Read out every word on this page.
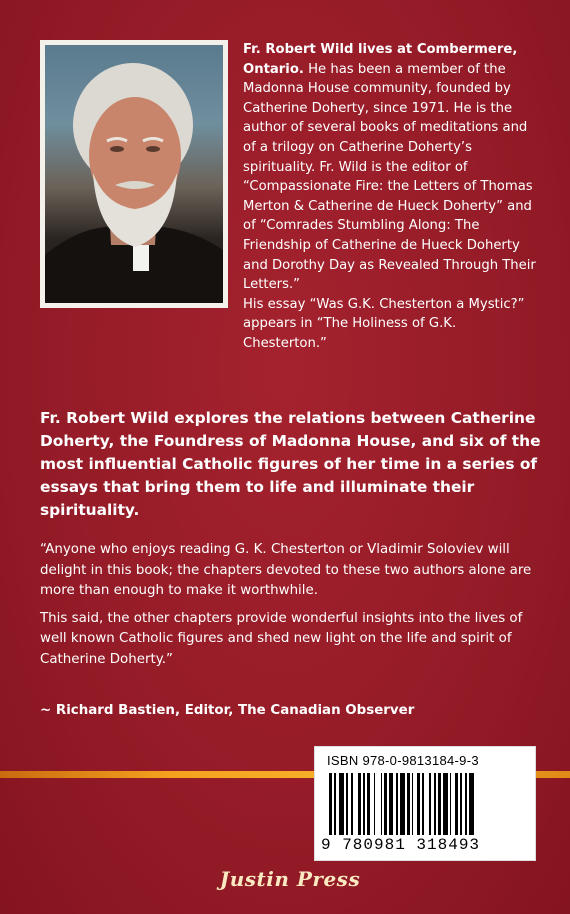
Fr. Robert Wild lives at Combermere, Ontario. He has been a member of the Madonna House community, founded by Catherine Doherty, since 1971. He is the author of several books of meditations and of a trilogy on Catherine Doherty’s spirituality. Fr. Wild is the editor of “Compassionate Fire: the Letters of Thomas Merton & Catherine de Hueck Doherty” and of “Comrades Stumbling Along: The Friendship of Catherine de Hueck Doherty and Dorothy Day as Revealed Through Their Letters.”
His essay “Was G.K. Chesterton a Mystic?” appears in “The Holiness of G.K. Chesterton.”
Fr. Robert Wild explores the relations between Catherine Doherty, the Foundress of Madonna House, and six of the most influential Catholic figures of her time in a series of essays that bring them to life and illuminate their spirituality.

“Anyone who enjoys reading G. K. Chesterton or Vladimir Soloviev will delight in this book; the chapters devoted to these two authors alone are more than enough to make it worthwhile.

This said, the other chapters provide wonderful insights into the lives of well known Catholic figures and shed new light on the life and spirit of Catherine Doherty.”

~ Richard Bastien, Editor, The Canadian Observer
ISBN 978-0-9813184-9-3
9 780981 318493
Justin Press
